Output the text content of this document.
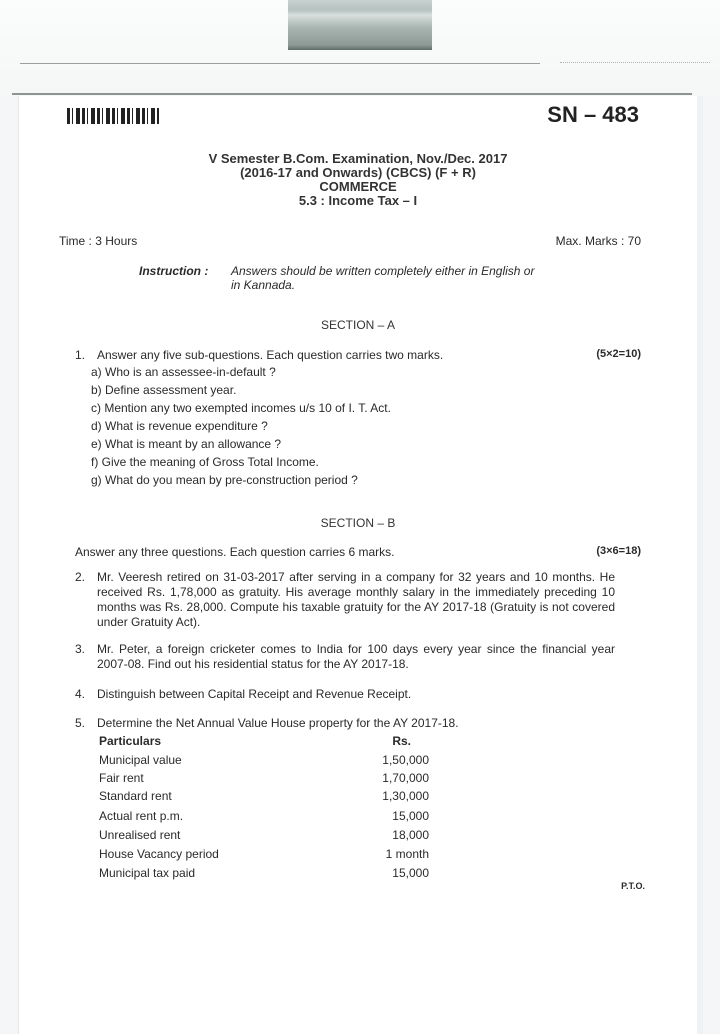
SN – 483
V Semester B.Com. Examination, Nov./Dec. 2017
(2016-17 and Onwards) (CBCS) (F + R)
COMMERCE
5.3 : Income Tax – I
Time : 3 Hours	Max. Marks : 70
Instruction : Answers should be written completely either in English or
in Kannada.
SECTION – A
1. Answer any five sub-questions. Each question carries two marks.	(5×2=10)
a) Who is an assessee-in-default ?
b) Define assessment year.
c) Mention any two exempted incomes u/s 10 of I. T. Act.
d) What is revenue expenditure ?
e) What is meant by an allowance ?
f) Give the meaning of Gross Total Income.
g) What do you mean by pre-construction period ?
SECTION – B
Answer any three questions. Each question carries 6 marks.	(3×6=18)
2. Mr. Veeresh retired on 31-03-2017 after serving in a company for 32 years and 10 months. He received Rs. 1,78,000 as gratuity. His average monthly salary in the immediately preceding 10 months was Rs. 28,000. Compute his taxable gratuity for the AY 2017-18 (Gratuity is not covered under Gratuity Act).
3. Mr. Peter, a foreign cricketer comes to India for 100 days every year since the financial year 2007-08. Find out his residential status for the AY 2017-18.
4. Distinguish between Capital Receipt and Revenue Receipt.
5. Determine the Net Annual Value House property for the AY 2017-18.
Particulars	Rs.
Municipal value	1,50,000
Fair rent	1,70,000
Standard rent	1,30,000
Actual rent p.m.	15,000
Unrealised rent	18,000
House Vacancy period	1 month
Municipal tax paid	15,000
P.T.O.
